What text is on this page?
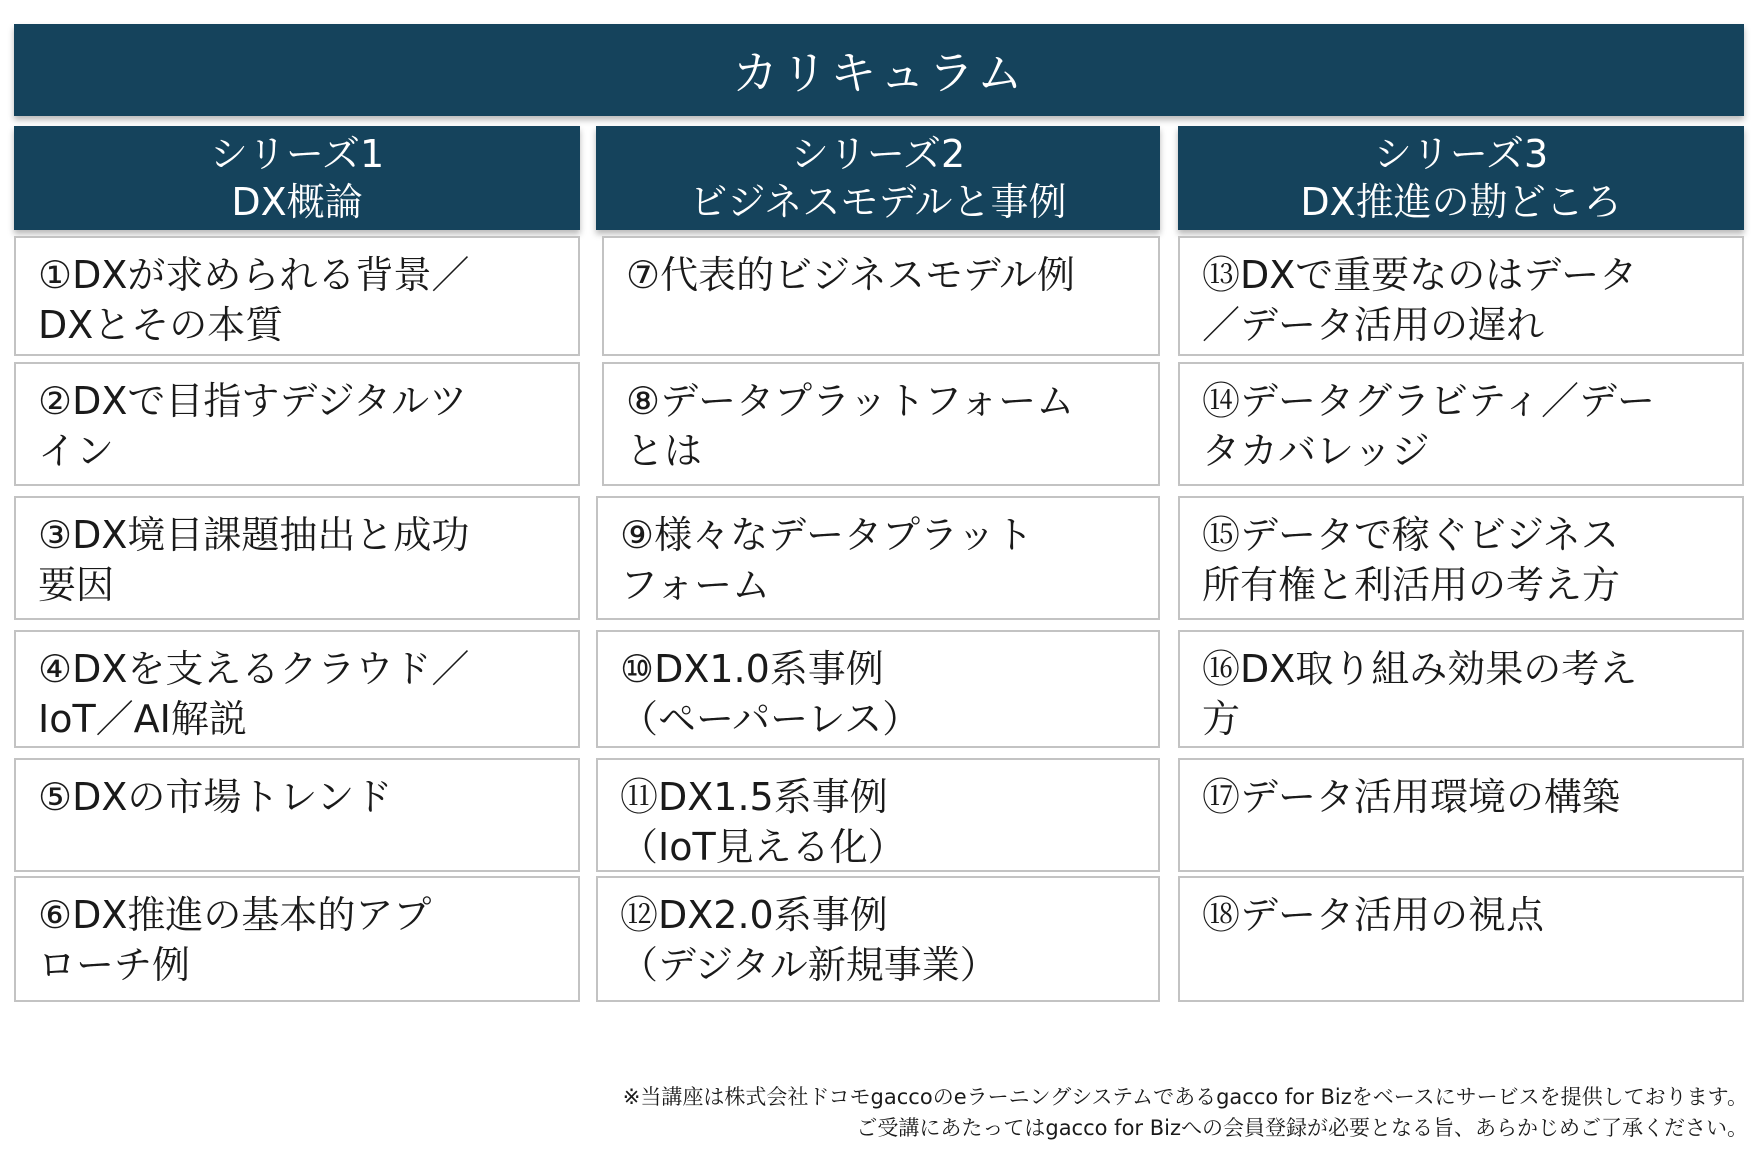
カリキュラム
シリーズ1
DX概論
①DXが求められる背景／
DXとその本質
②DXで目指すデジタルツ
イン
③DX境目課題抽出と成功
要因
④DXを支えるクラウド／
IoT／AI解説
⑤DXの市場トレンド
⑥DX推進の基本的アプ
ローチ例
シリーズ2
ビジネスモデルと事例
⑦代表的ビジネスモデル例
⑧データプラットフォーム
とは
⑨様々なデータプラット
フォーム
⑩DX1.0系事例
（ペーパーレス）
⑪DX1.5系事例
（IoT見える化）
⑫DX2.0系事例
（デジタル新規事業）
シリーズ3
DX推進の勘どころ
⑬DXで重要なのはデータ
／データ活用の遅れ
⑭データグラビティ／デー
タカバレッジ
⑮データで稼ぐビジネス
所有権と利活用の考え方
⑯DX取り組み効果の考え
方
⑰データ活用環境の構築
⑱データ活用の視点
※当講座は株式会社ドコモgaccoのeラーニングシステムであるgacco for Bizをベースにサービスを提供しております。
ご受講にあたってはgacco for Bizへの会員登録が必要となる旨、あらかじめご了承ください。
